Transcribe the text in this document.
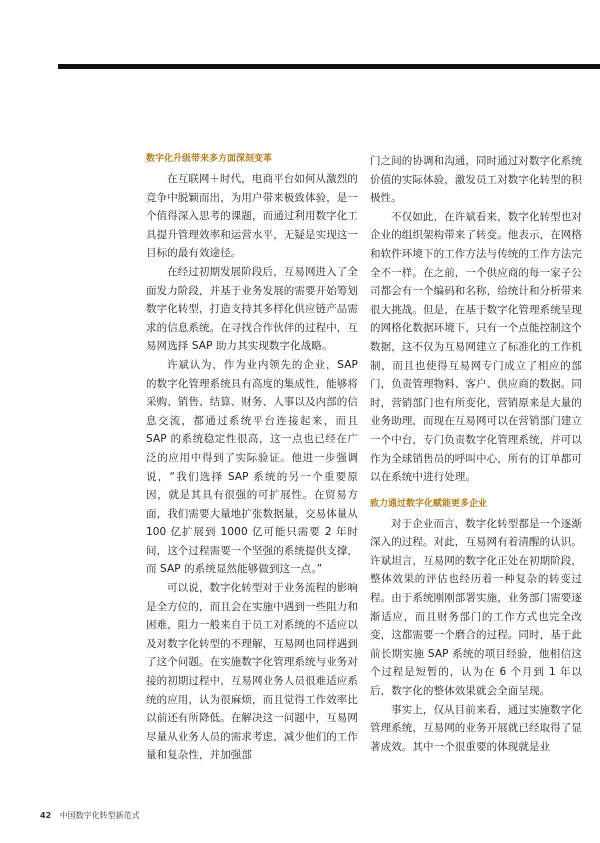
数字化升级带来多方面深刻变革

在互联网＋时代，电商平台如何从激烈的竞争中脱颖而出，为用户带来极致体验，是一个值得深入思考的课题，而通过利用数字化工具提升管理效率和运营水平，无疑是实现这一目标的最有效途径。

在经过初期发展阶段后，互易网进入了全面发力阶段，并基于业务发展的需要开始筹划数字化转型，打造支持其多样化供应链产品需求的信息系统。在寻找合作伙伴的过程中，互易网选择 SAP 助力其实现数字化战略。

许斌认为，作为业内领先的企业，SAP 的数字化管理系统具有高度的集成性，能够将采购、销售、结算、财务、人事以及内部的信息交流，都通过系统平台连接起来，而且 SAP 的系统稳定性很高，这一点也已经在广泛的应用中得到了实际验证。他进一步强调说，“我们选择 SAP 系统的另一个重要原因，就是其具有很强的可扩展性。在贸易方面，我们需要大量地扩张数据量，交易体量从 100 亿扩展到 1000 亿可能只需要 2 年时间，这个过程需要一个坚强的系统提供支撑，而 SAP 的系统显然能够做到这一点。”

可以说，数字化转型对于业务流程的影响是全方位的，而且会在实施中遇到一些阻力和困难，阻力一般来自于员工对系统的不适应以及对数字化转型的不理解，互易网也同样遇到了这个问题。在实施数字化管理系统与业务对接的初期过程中，互易网业务人员很难适应系统的应用，认为很麻烦，而且觉得工作效率比以前还有所降低。在解决这一问题中，互易网尽量从业务人员的需求考虑，减少他们的工作量和复杂性，并加强部

门之间的协调和沟通，同时通过对数字化系统价值的实际体验，激发员工对数字化转型的积极性。

不仅如此，在许斌看来，数字化转型也对企业的组织架构带来了转变。他表示，在网格和软件环境下的工作方法与传统的工作方法完全不一样。在之前，一个供应商的每一家子公司都会有一个编码和名称，给统计和分析带来很大挑战。但是，在基于数字化管理系统呈现的网格化数据环境下，只有一个点能控制这个数据，这不仅为互易网建立了标准化的工作机制，而且也使得互易网专门成立了相应的部门，负责管理物料、客户、供应商的数据。同时，营销部门也有所变化，营销原来是大量的业务助理，而现在互易网可以在营销部门建立一个中台，专门负责数字化管理系统，并可以作为全球销售员的呼叫中心，所有的订单都可以在系统中进行处理。

致力通过数字化赋能更多企业

对于企业而言，数字化转型都是一个逐渐深入的过程。对此，互易网有着清醒的认识。许斌坦言，互易网的数字化正处在初期阶段，整体效果的评估也经历着一种复杂的转变过程。由于系统刚刚部署实施，业务部门需要逐渐适应，而且财务部门的工作方式也完全改变，这都需要一个磨合的过程。同时，基于此前长期实施 SAP 系统的项目经验，他相信这个过程是短暂的，认为在 6 个月到 1 年以后，数字化的整体效果就会全面呈现。

事实上，仅从目前来看，通过实施数字化管理系统，互易网的业务开展就已经取得了显著成效。其中一个很重要的体现就是业

42 中国数字化转型新范式
